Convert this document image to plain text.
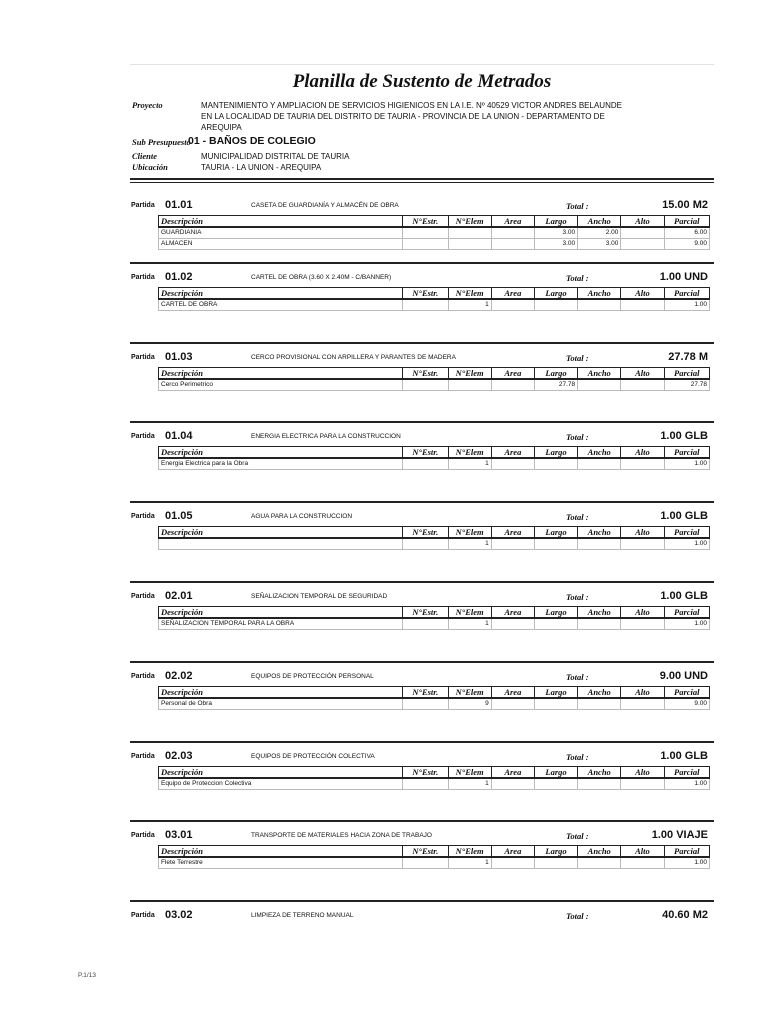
Planilla de Sustento de Metrados
Proyecto	MANTENIMIENTO Y AMPLIACION DE SERVICIOS HIGIENICOS EN LA I.E. Nº 40529 VICTOR ANDRES BELAUNDE
EN LA LOCALIDAD DE TAURIA DEL DISTRITO DE TAURIA - PROVINCIA DE LA UNION - DEPARTAMENTO DE
AREQUIPA
Sub Presupuesto
01 - BAÑOS DE COLEGIO
Cliente	MUNICIPALIDAD DISTRITAL DE TAURIA
Ubicación	TAURIA - LA UNION - AREQUIPA
Partida 01.01	CASETA DE GUARDIANÍA Y ALMACÉN DE OBRA	Total :	15.00 M2
Descripción	N°Estr.	N°Elem	Area	Largo	Ancho	Alto	Parcial
GUARDIANIA				3.00	2.00		6.00
ALMACEN				3.00	3.00		9.00
Partida 01.02	CARTEL DE OBRA (3.60 X 2.40M - C/BANNER)	Total :	1.00 UND
Descripción	N°Estr.	N°Elem	Area	Largo	Ancho	Alto	Parcial
CARTEL DE OBRA		1					1.00
Partida 01.03	CERCO PROVISIONAL CON ARPILLERA Y PARANTES DE MADERA	Total :	27.78 M
Descripción	N°Estr.	N°Elem	Area	Largo	Ancho	Alto	Parcial
Cerco Perimetrico				27.78			27.78
Partida 01.04	ENERGIA ELECTRICA PARA LA CONSTRUCCION	Total :	1.00 GLB
Descripción	N°Estr.	N°Elem	Area	Largo	Ancho	Alto	Parcial
Energia Electrica para la Obra		1					1.00
Partida 01.05	AGUA PARA LA CONSTRUCCION	Total :	1.00 GLB
Descripción	N°Estr.	N°Elem	Area	Largo	Ancho	Alto	Parcial
		1					1.00
Partida 02.01	SEÑALIZACION TEMPORAL DE SEGURIDAD	Total :	1.00 GLB
Descripción	N°Estr.	N°Elem	Area	Largo	Ancho	Alto	Parcial
SEÑALIZACION TEMPORAL PARA LA OBRA		1					1.00
Partida 02.02	EQUIPOS DE PROTECCIÓN PERSONAL	Total :	9.00 UND
Descripción	N°Estr.	N°Elem	Area	Largo	Ancho	Alto	Parcial
Personal de Obra		9					9.00
Partida 02.03	EQUIPOS DE PROTECCIÓN COLECTIVA	Total :	1.00 GLB
Descripción	N°Estr.	N°Elem	Area	Largo	Ancho	Alto	Parcial
Equipo de Proteccion Colectiva		1					1.00
Partida 03.01	TRANSPORTE DE MATERIALES HACIA ZONA DE TRABAJO	Total :	1.00 VIAJE
Descripción	N°Estr.	N°Elem	Area	Largo	Ancho	Alto	Parcial
Flete Terrestre		1					1.00
Partida 03.02	LIMPIEZA DE TERRENO MANUAL	Total :	40.60 M2
P.1/13
